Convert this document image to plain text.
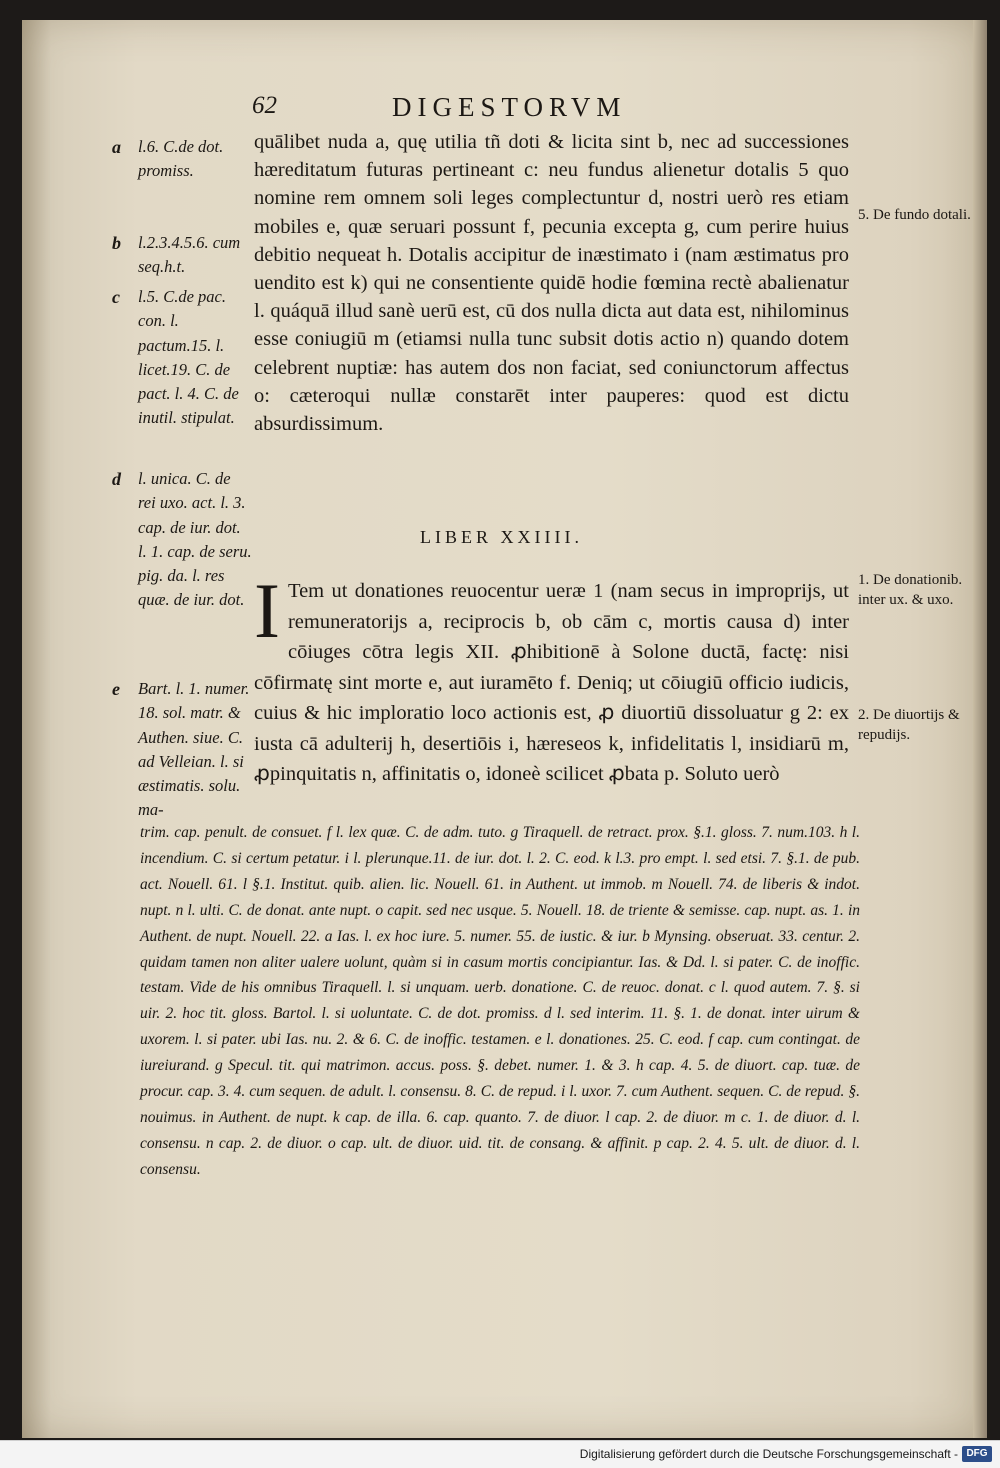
62	DIGESTORVM
a l.6. C.de dot. promiss.
b l.2.3.4.5.6. cum seq.h.t.
c l.5. C.de pac. con. l. pactum.15. l. licet.19. C. de pact. l. 4. C. de inutil. stipulat.
d l. unica. C. de rei uxo. act. l. 3. cap. de iur. dot. l. 1. cap. de seru. pig. da. l. res quæ. de iur. dot.
e Bart. l. 1. numer. 18. sol. matr. & Authen. siue. C. ad Velleian. l. si æstimatis. solu. ma-

quālibet nuda a, quę utilia tñ doti & licita sint b, nec ad successiones hæreditatum futuras pertineant c: neu fundus alienetur dotalis 5 quo nomine rem omnem soli leges complectuntur d, nostri uerò res etiam mobiles e, quæ seruari possunt f, pecunia excepta g, cum perire huius debitio nequeat h. Dotalis accipitur de inæstimato i (nam æstimatus pro uendito est k) qui ne consentiente quidē hodie fœmina rectè abalienatur l. quáquā illud sanè uerū est, cū dos nulla dicta aut data est, nihilominus esse coniugiū m (etiamsi nulla tunc subsit dotis actio n) quando dotem celebrent nuptiæ: has autem dos non faciat, sed coniunctorum affectus o: cæteroqui nullæ constarēt inter pauperes: quod est dictu absurdissimum.

LIBER XXIIII.
I Tem ut donationes reuocentur ueræ 1 (nam secus in improprijs, ut remuneratorijs a, reciprocis b, ob cām c, mortis causa d) inter cōiuges cōtra legis XII. ꝓhibitionē à Solone ductā, factę: nisi cōfirmatę sint morte e, aut iuramēto f. Deniq; ut cōiugiū officio iudicis, cuius & hic imploratio loco actionis est, ꝓ diuortiū dissoluatur g 2: ex iusta cā adulterij h, desertiōis i, hæreseos k, infidelitatis l, insidiarū m, ꝓpinquitatis n, affinitatis o, idoneè scilicet ꝓbata p. Soluto uerò

5. De fundo dotali.
1. De donationib. inter ux. & uxo.
2. De diuortijs & repudijs.

trim. cap. penult. de consuet. f l. lex quæ. C. de adm. tuto. g Tiraquell. de retract. prox. §.1. gloss. 7. num.103. h l. incendium. C. si certum petatur. i l. plerunque.11. de iur. dot. l. 2. C. eod. k l.3. pro empt. l. sed etsi. 7. §.1. de pub. act. Nouell. 61. l §.1. Institut. quib. alien. lic. Nouell. 61. in Authent. ut immob. m Nouell. 74. de liberis & indot. nupt. n l. ulti. C. de donat. ante nupt. o capit. sed nec usque. 5. Nouell. 18. de triente & semisse. cap. nupt. as. 1. in Authent. de nupt. Nouell. 22. a Ias. l. ex hoc iure. 5. numer. 55. de iustic. & iur. b Mynsing. obseruat. 33. centur. 2. quidam tamen non aliter ualere uolunt, quàm si in casum mortis concipiantur. Ias. & Dd. l. si pater. C. de inoffic. testam. Vide de his omnibus Tiraquell. l. si unquam. uerb. donatione. C. de reuoc. donat. c l. quod autem. 7. §. si uir. 2. hoc tit. gloss. Bartol. l. si uoluntate. C. de dot. promiss. d l. sed interim. 11. §. 1. de donat. inter uirum & uxorem. l. si pater. ubi Ias. nu. 2. & 6. C. de inoffic. testamen. e l. donationes. 25. C. eod. f cap. cum contingat. de iureiurand. g Specul. tit. qui matrimon. accus. poss. §. debet. numer. 1. & 3. h cap. 4. 5. de diuort. cap. tuæ. de procur. cap. 3. 4. cum sequen. de adult. l. consensu. 8. C. de repud. i l. uxor. 7. cum Authent. sequen. C. de repud. §. nouimus. in Authent. de nupt. k cap. de illa. 6. cap. quanto. 7. de diuor. l cap. 2. de diuor. m c. 1. de diuor. d. l. consensu. n cap. 2. de diuor. o cap. ult. de diuor. uid. tit. de consang. & affinit. p cap. 2. 4. 5. ult. de diuor. d. l. consensu.

Digitalisierung gefördert durch die Deutsche Forschungsgemeinschaft - DFG
